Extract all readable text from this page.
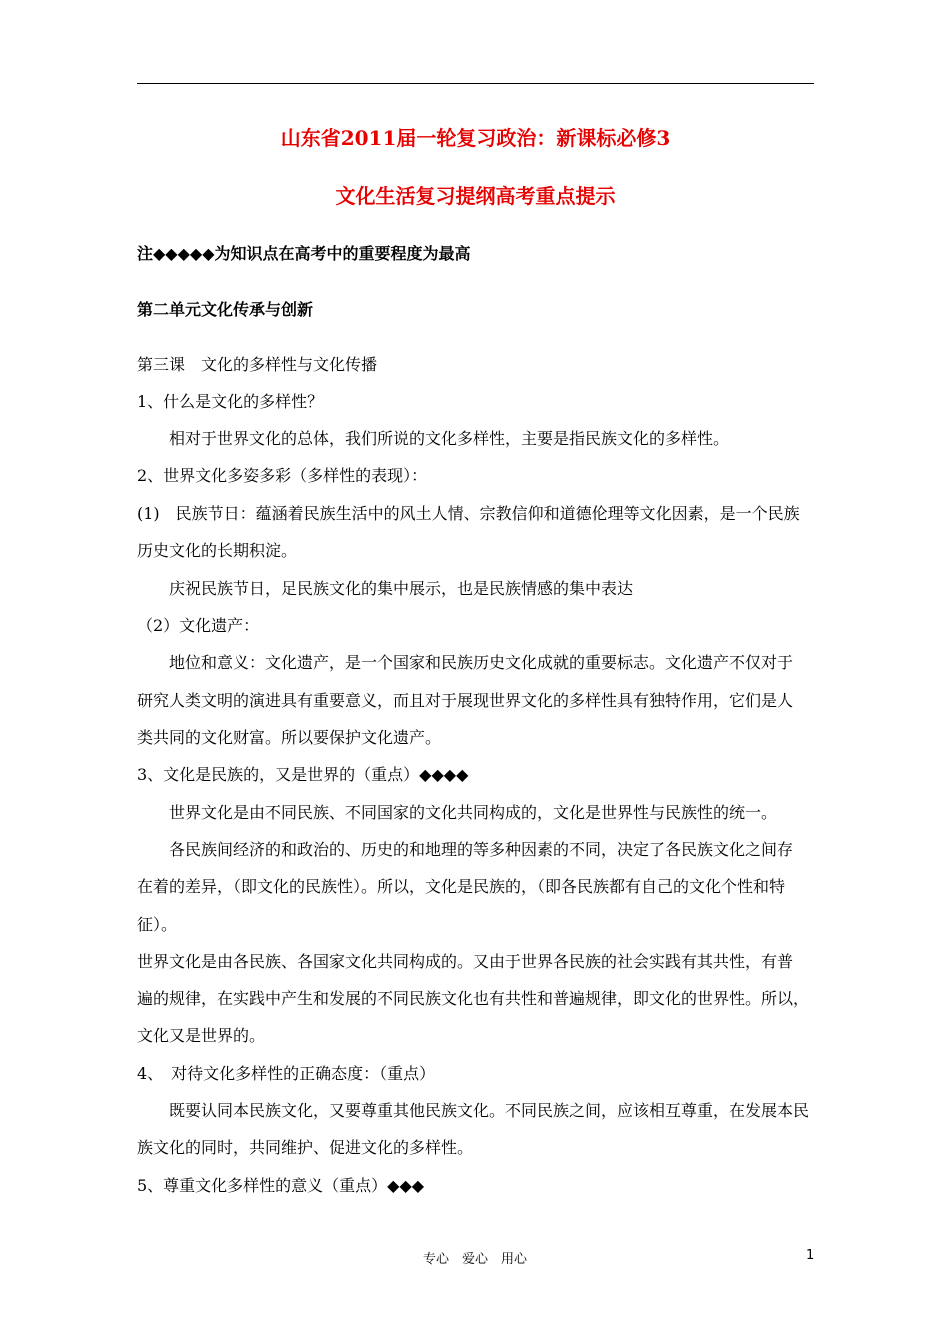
山东省2011届一轮复习政治：新课标必修3

文化生活复习提纲高考重点提示

注◆◆◆◆◆为知识点在高考中的重要程度为最高

第二单元文化传承与创新

第三课　文化的多样性与文化传播

1、什么是文化的多样性？

相对于世界文化的总体，我们所说的文化多样性，主要是指民族文化的多样性。

2、世界文化多姿多彩（多样性的表现）：

(1)　民族节日：蕴涵着民族生活中的风土人情、宗教信仰和道德伦理等文化因素，是一个民族

历史文化的长期积淀。

庆祝民族节日，足民族文化的集中展示，也是民族情感的集中表达

（2）文化遗产：

地位和意义：文化遗产，是一个国家和民族历史文化成就的重要标志。文化遗产不仅对于

研究人类文明的演进具有重要意义，而且对于展现世界文化的多样性具有独特作用，它们是人

类共同的文化财富。所以要保护文化遗产。

3、文化是民族的，又是世界的（重点）◆◆◆◆

世界文化是由不同民族、不同国家的文化共同构成的，文化是世界性与民族性的统一。

各民族间经济的和政治的、历史的和地理的等多种因素的不同，决定了各民族文化之间存

在着的差异，（即文化的民族性）。所以，文化是民族的，（即各民族都有自己的文化个性和特

征）。

世界文化是由各民族、各国家文化共同构成的。又由于世界各民族的社会实践有其共性，有普

遍的规律，在实践中产生和发展的不同民族文化也有共性和普遍规律，即文化的世界性。所以，

文化又是世界的。

4、　对待文化多样性的正确态度：（重点）

既要认同本民族文化，又要尊重其他民族文化。不同民族之间，应该相互尊重，在发展本民

族文化的同时，共同维护、促进文化的多样性。

5、尊重文化多样性的意义（重点）◆◆◆

专心　爱心　用心	1
